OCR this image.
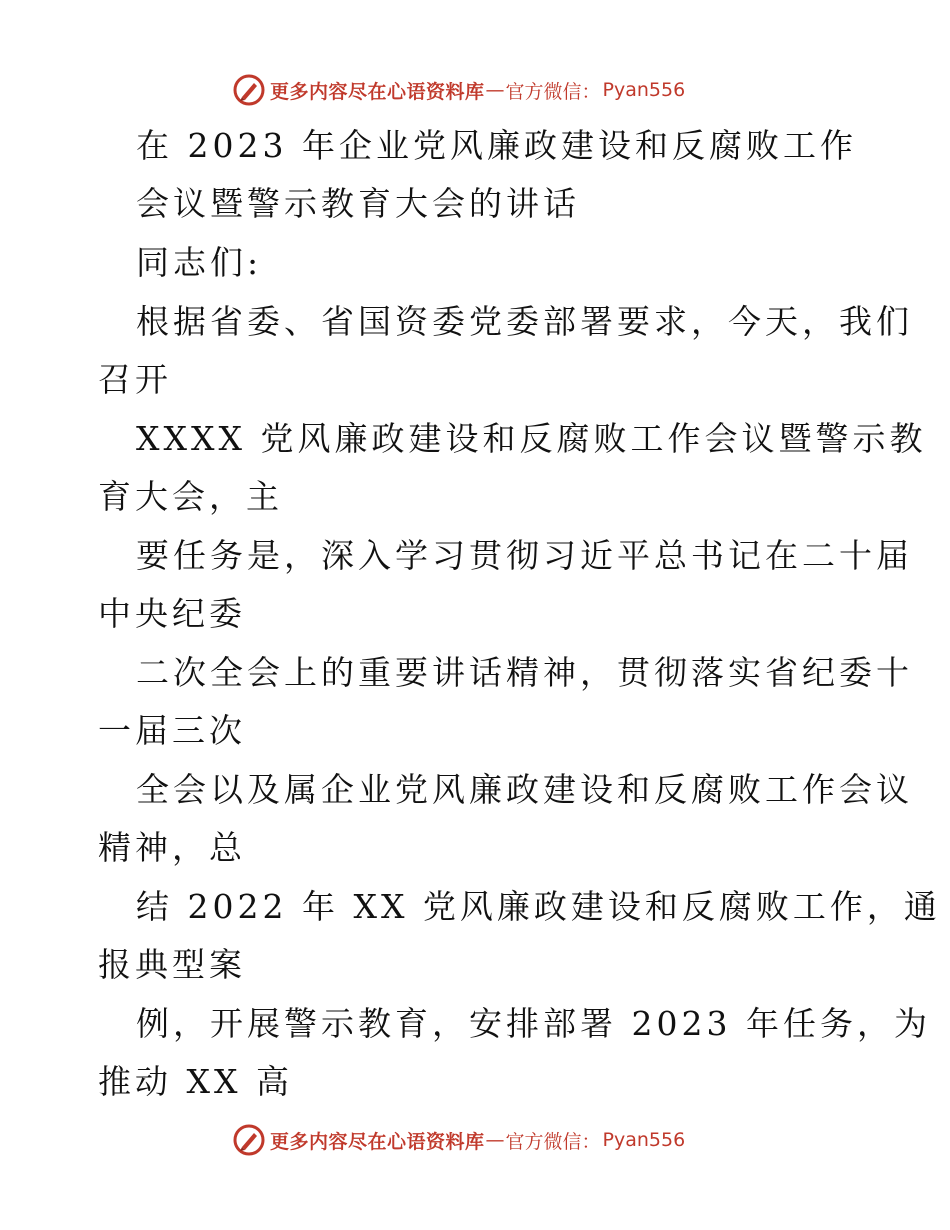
更多内容尽在心语资料库 — 官方微信： Pyan556
在 2023 年企业党风廉政建设和反腐败工作
会议暨警示教育大会的讲话
同志们:
根据省委、省国资委党委部署要求，今天，我们
召开
XXXX 党风廉政建设和反腐败工作会议暨警示教
育大会，主
要任务是，深入学习贯彻习近平总书记在二十届
中央纪委
二次全会上的重要讲话精神，贯彻落实省纪委十
一届三次
全会以及属企业党风廉政建设和反腐败工作会议
精神，总
结 2022 年 XX 党风廉政建设和反腐败工作，通
报典型案
例，开展警示教育，安排部署 2023 年任务，为
推动 XX 高
更多内容尽在心语资料库 — 官方微信： Pyan556
